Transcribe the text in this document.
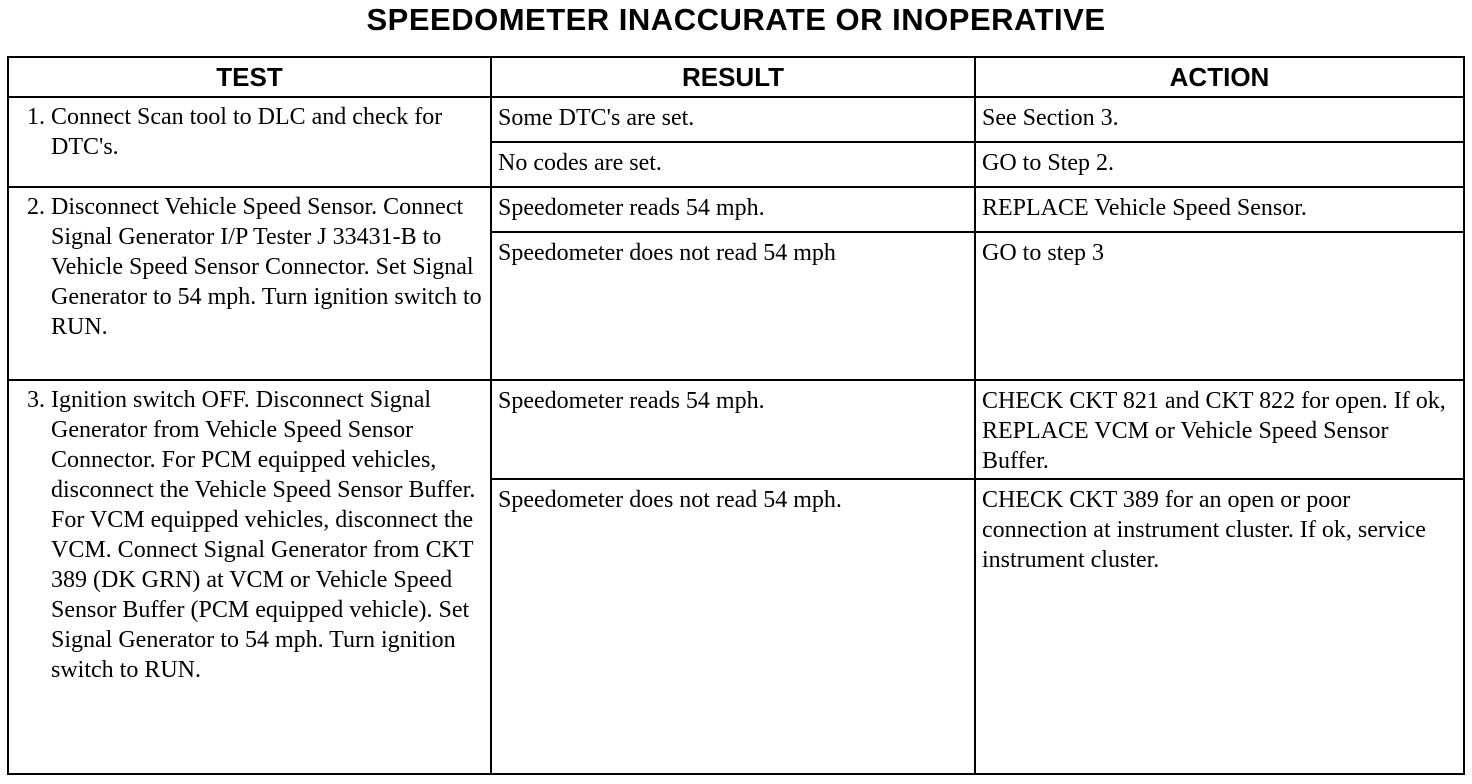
SPEEDOMETER INACCURATE OR INOPERATIVE
TEST	RESULT	ACTION

1. Connect Scan tool to DLC and check for DTC's.	Some DTC's are set.	See Section 3.
	No codes are set.	GO to Step 2.

2. Disconnect Vehicle Speed Sensor. Connect Signal Generator I/P Tester J 33431-B to Vehicle Speed Sensor Connector. Set Signal Generator to 54 mph. Turn ignition switch to RUN.	Speedometer reads 54 mph.	REPLACE Vehicle Speed Sensor.
	Speedometer does not read 54 mph	GO to step 3

3. Ignition switch OFF. Disconnect Signal Generator from Vehicle Speed Sensor Connector. For PCM equipped vehicles, disconnect the Vehicle Speed Sensor Buffer. For VCM equipped vehicles, disconnect the VCM. Connect Signal Generator from CKT 389 (DK GRN) at VCM or Vehicle Speed Sensor Buffer (PCM equipped vehicle). Set Signal Generator to 54 mph. Turn ignition switch to RUN.	Speedometer reads 54 mph.	CHECK CKT 821 and CKT 822 for open. If ok, REPLACE VCM or Vehicle Speed Sensor Buffer.
	Speedometer does not read 54 mph.	CHECK CKT 389 for an open or poor connection at instrument cluster. If ok, service instrument cluster.
